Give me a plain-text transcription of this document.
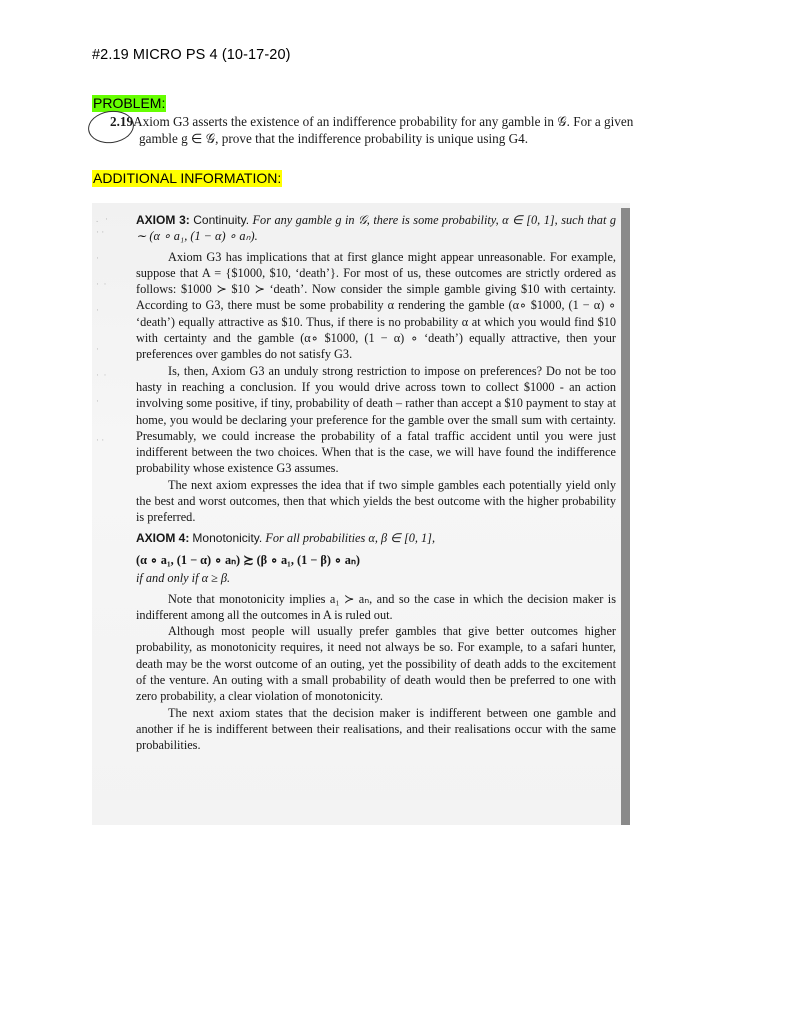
#2.19 MICRO PS 4 (10-17-20)
PROBLEM:

2.19Axiom G3 asserts the existence of an indifference probability for any gamble in 𝒢. For a given

gamble g ∈ 𝒢, prove that the indifference probability is unique using G4.

ADDITIONAL INFORMATION:
.   ·
· ·

·

·  ·

·

·

·  ·

·

· ·

AXIOM 3: Continuity. For any gamble g in 𝒢, there is some probability, α ∈ [0, 1], such that g ∼ (α ∘ a₁, (1 − α) ∘ aₙ).

Axiom G3 has implications that at first glance might appear unreasonable. For example, suppose that A = {$1000, $10, ‘death’}. For most of us, these outcomes are strictly ordered as follows: $1000 ≻ $10 ≻ ‘death’. Now consider the simple gamble giving $10 with certainty. According to G3, there must be some probability α rendering the gamble (α∘ $1000, (1 − α) ∘ ‘death’) equally attractive as $10. Thus, if there is no probability α at which you would find $10 with certainty and the gamble (α∘ $1000, (1 − α) ∘ ‘death’) equally attractive, then your preferences over gambles do not satisfy G3.

Is, then, Axiom G3 an unduly strong restriction to impose on preferences? Do not be too hasty in reaching a conclusion. If you would drive across town to collect $1000 - an action involving some positive, if tiny, probability of death – rather than accept a $10 payment to stay at home, you would be declaring your preference for the gamble over the small sum with certainty. Presumably, we could increase the probability of a fatal traffic accident until you were just indifferent between the two choices. When that is the case, we will have found the indifference probability whose existence G3 assumes.

The next axiom expresses the idea that if two simple gambles each potentially yield only the best and worst outcomes, then that which yields the best outcome with the higher probability is preferred.

AXIOM 4: Monotonicity. For all probabilities α, β ∈ [0, 1],

(α ∘ a₁, (1 − α) ∘ aₙ) ≿ (β ∘ a₁, (1 − β) ∘ aₙ)

if and only if α ≥ β.

Note that monotonicity implies a₁ ≻ aₙ, and so the case in which the decision maker is indifferent among all the outcomes in A is ruled out.

Although most people will usually prefer gambles that give better outcomes higher probability, as monotonicity requires, it need not always be so. For example, to a safari hunter, death may be the worst outcome of an outing, yet the possibility of death adds to the excitement of the venture. An outing with a small probability of death would then be preferred to one with zero probability, a clear violation of monotonicity.

The next axiom states that the decision maker is indifferent between one gamble and another if he is indifferent between their realisations, and their realisations occur with the same probabilities.
